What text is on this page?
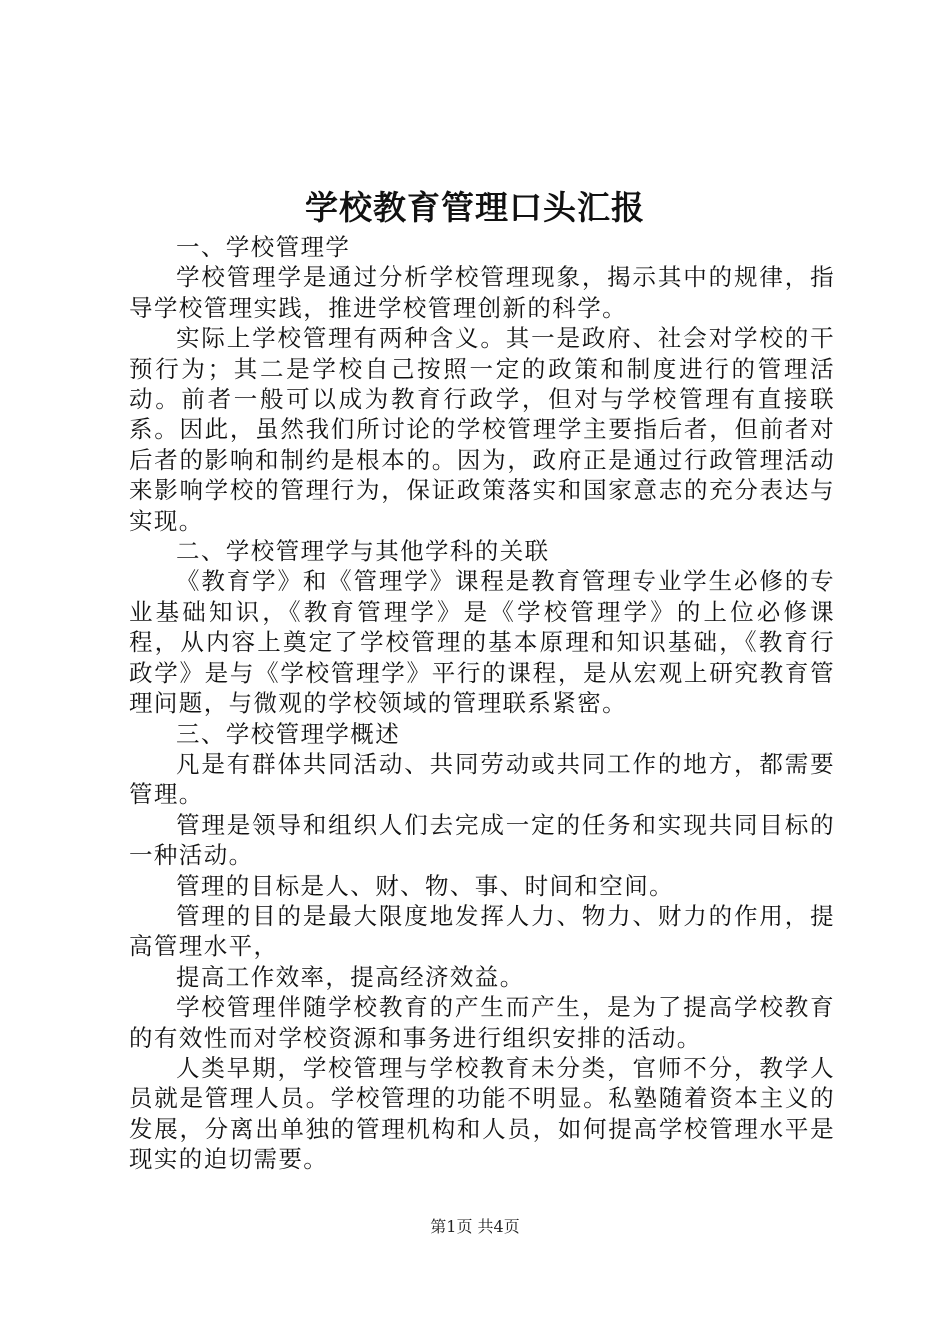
学校教育管理口头汇报

一、学校管理学

学校管理学是通过分析学校管理现象，揭示其中的规律，指导学校管理实践，推进学校管理创新的科学。

实际上学校管理有两种含义。其一是政府、社会对学校的干预行为；其二是学校自己按照一定的政策和制度进行的管理活动。前者一般可以成为教育行政学，但对与学校管理有直接联系。因此，虽然我们所讨论的学校管理学主要指后者，但前者对后者的影响和制约是根本的。因为，政府正是通过行政管理活动来影响学校的管理行为，保证政策落实和国家意志的充分表达与实现。

二、学校管理学与其他学科的关联

《教育学》和《管理学》课程是教育管理专业学生必修的专业基础知识，《教育管理学》是《学校管理学》的上位必修课程，从内容上奠定了学校管理的基本原理和知识基础，《教育行政学》是与《学校管理学》平行的课程，是从宏观上研究教育管理问题，与微观的学校领域的管理联系紧密。

三、学校管理学概述

凡是有群体共同活动、共同劳动或共同工作的地方，都需要管理。

管理是领导和组织人们去完成一定的任务和实现共同目标的一种活动。

管理的目标是人、财、物、事、时间和空间。

管理的目的是最大限度地发挥人力、物力、财力的作用，提高管理水平，

提高工作效率，提高经济效益。

学校管理伴随学校教育的产生而产生，是为了提高学校教育的有效性而对学校资源和事务进行组织安排的活动。

人类早期，学校管理与学校教育未分类，官师不分，教学人员就是管理人员。学校管理的功能不明显。私塾随着资本主义的发展，分离出单独的管理机构和人员，如何提高学校管理水平是现实的迫切需要。

第1页 共4页
